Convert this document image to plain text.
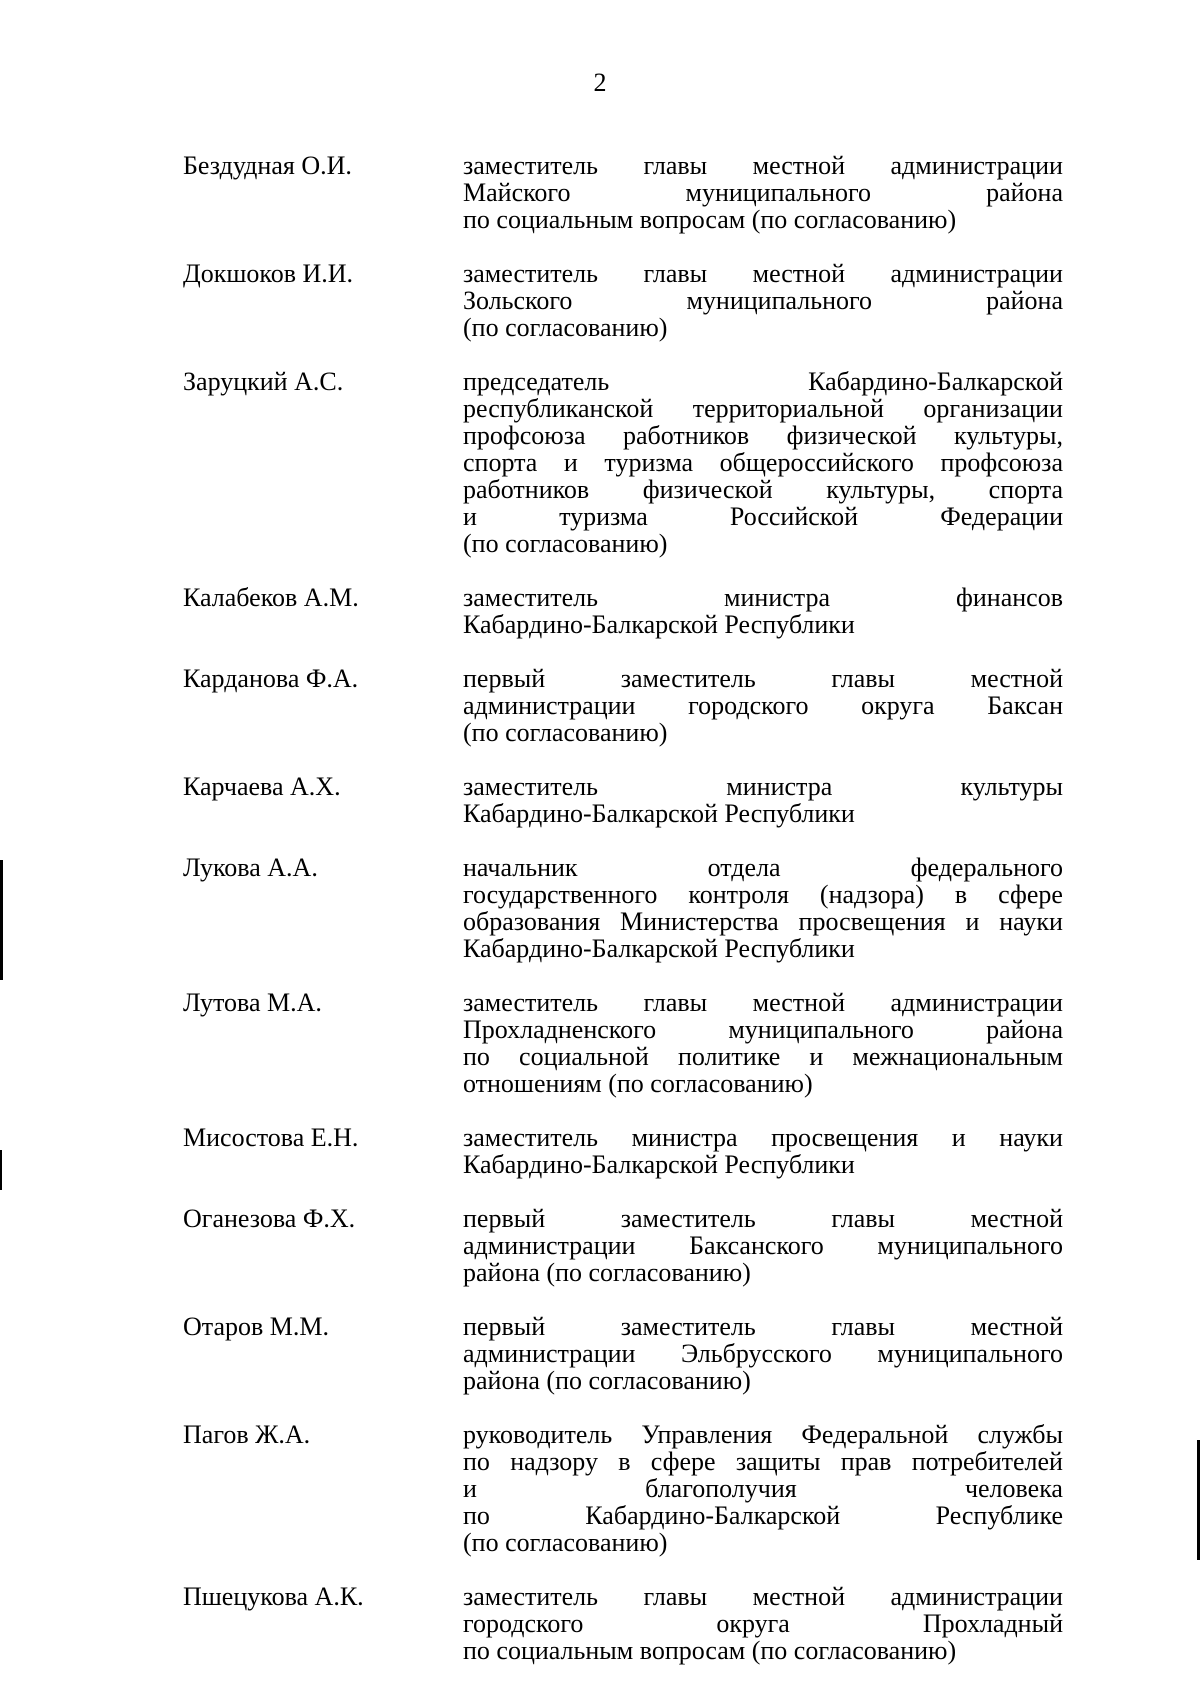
2
Бездудная О.И.	заместитель главы местной администрации
Майского	муниципального	района
по социальным вопросам (по согласованию)
Докшоков И.И.	заместитель главы местной администрации
Зольского	муниципального	района
(по согласованию)
Заруцкий А.С.	председатель	Кабардино-Балкарской
республиканской территориальной организации
профсоюза работников физической культуры,
спорта и туризма общероссийского профсоюза
работников физической культуры, спорта
и	туризма	Российской	Федерации
(по согласованию)
Калабеков А.М.	заместитель	министра	финансов
Кабардино-Балкарской Республики
Карданова Ф.А.	первый	заместитель	главы	местной
администрации городского округа Баксан
(по согласованию)
Карчаева А.Х.	заместитель	министра	культуры
Кабардино-Балкарской Республики
Лукова А.А.	начальник	отдела	федерального
государственного контроля (надзора) в сфере
образования Министерства просвещения и науки
Кабардино-Балкарской Республики
Лутова М.А.	заместитель главы местной администрации
Прохладненского	муниципального	района
по социальной политике и межнациональным
отношениям (по согласованию)
Мисостова Е.Н.	заместитель министра просвещения и науки
Кабардино-Балкарской Республики
Оганезова Ф.Х.	первый	заместитель	главы	местной
администрации Баксанского муниципального
района (по согласованию)
Отаров М.М.	первый	заместитель	главы	местной
администрации Эльбрусского муниципального
района (по согласованию)
Пагов Ж.А.	руководитель Управления Федеральной службы
по надзору в сфере защиты прав потребителей
и	благополучия	человека
по	Кабардино-Балкарской	Республике
(по согласованию)
Пшецукова А.К.	заместитель главы местной администрации
городского	округа	Прохладный
по социальным вопросам (по согласованию)
